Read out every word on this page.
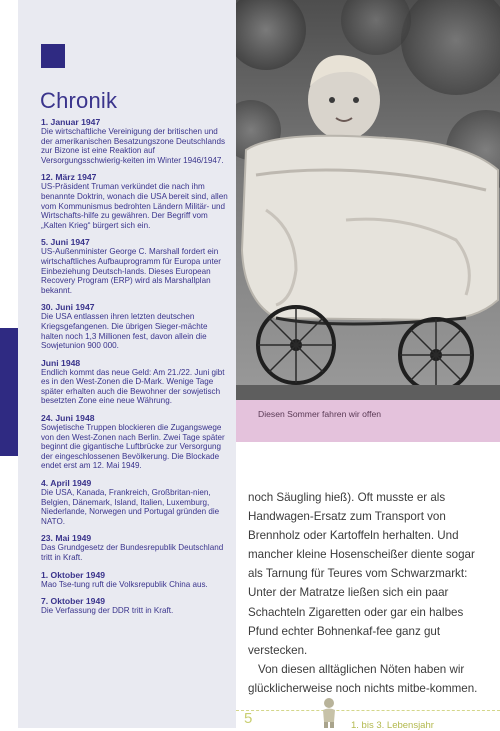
Chronik
1. Januar 1947
Die wirtschaftliche Vereinigung der britischen und der amerikanischen Besatzungszone Deutschlands zur Bizone ist eine Reaktion auf Versorgungsschwierig-keiten im Winter 1946/1947.
12. März 1947
US-Präsident Truman verkündet die nach ihm benannte Doktrin, wonach die USA bereit sind, allen vom Kommunismus bedrohten Ländern Militär- und Wirtschafts-hilfe zu gewähren. Der Begriff vom „Kalten Krieg“ bürgert sich ein.
5. Juni 1947
US-Außenminister George C. Marshall fordert ein wirtschaftliches Aufbauprogramm für Europa unter Einbeziehung Deutsch-lands. Dieses European Recovery Program (ERP) wird als Marshallplan bekannt.
30. Juni 1947
Die USA entlassen ihren letzten deutschen Kriegsgefangenen. Die übrigen Sieger-mächte halten noch 1,3 Millionen fest, davon allein die Sowjetunion 900 000.
Juni 1948
Endlich kommt das neue Geld: Am 21./22. Juni gibt es in den West-Zonen die D-Mark. Wenige Tage später erhalten auch die Bewohner der sowjetisch besetzten Zone eine neue Währung.
24. Juni 1948
Sowjetische Truppen blockieren die Zugangswege von den West-Zonen nach Berlin. Zwei Tage später beginnt die gigantische Luftbrücke zur Versorgung der eingeschlossenen Bevölkerung. Die Blockade endet erst am 12. Mai 1949.
4. April 1949
Die USA, Kanada, Frankreich, Großbritan-nien, Belgien, Dänemark, Island, Italien, Luxemburg, Niederlande, Norwegen und Portugal gründen die NATO.
23. Mai 1949
Das Grundgesetz der Bundesrepublik Deutschland tritt in Kraft.
1. Oktober 1949
Mao Tse-tung ruft die Volksrepublik China aus.
7. Oktober 1949
Die Verfassung der DDR tritt in Kraft.
Diesen Sommer fahren wir offen

noch Säugling hieß). Oft musste er als Handwagen-Ersatz zum Transport von Brennholz oder Kartoffeln herhalten. Und mancher kleine Hosenscheißer diente sogar als Tarnung für Teures vom Schwarzmarkt: Unter der Matratze ließen sich ein paar Schachteln Zigaretten oder gar ein halbes Pfund echter Bohnenkaf-fee ganz gut verstecken.

Von diesen alltäglichen Nöten haben wir glücklicherweise noch nichts mitbe-kommen.

5	1. bis 3. Lebensjahr
